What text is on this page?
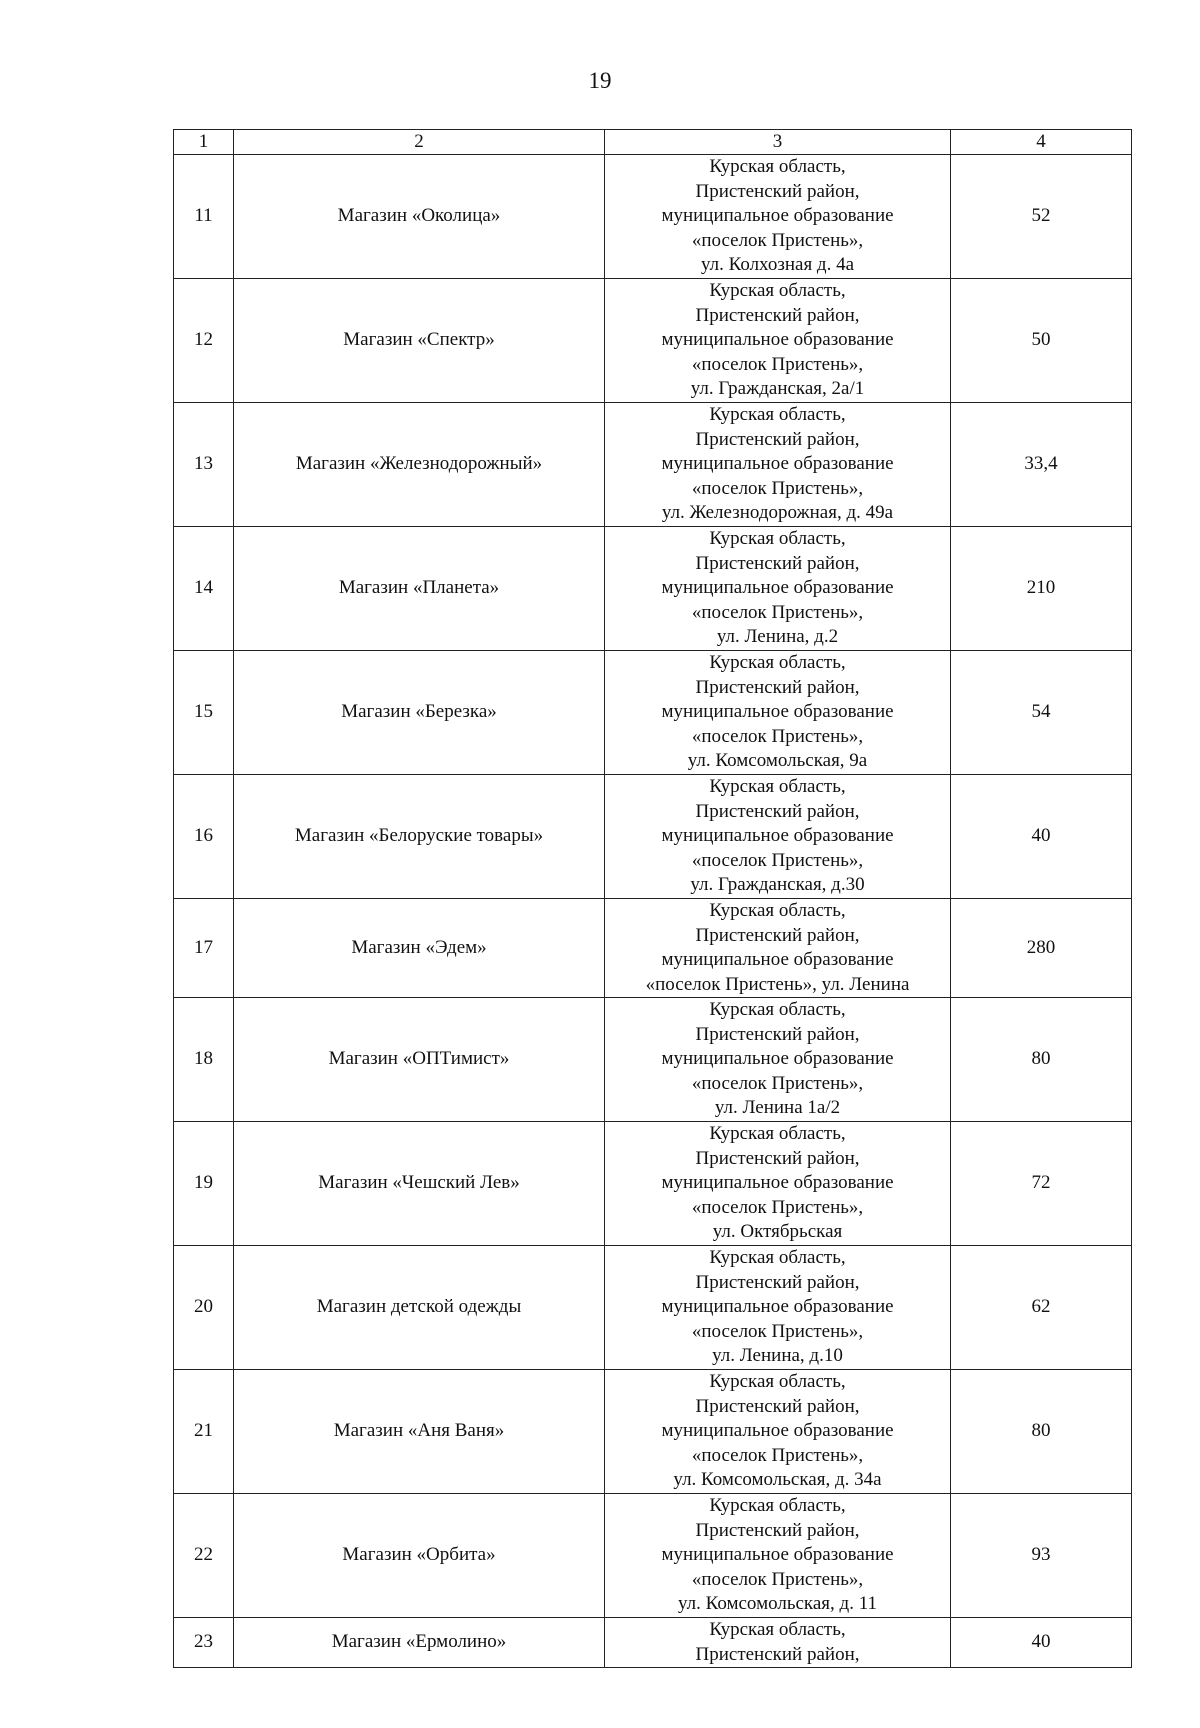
19
1	2	3	4
11	Магазин «Околица»	Курская область,
Пристенский район,
муниципальное образование
«поселок Пристень»,
ул. Колхозная д. 4а	52
12	Магазин «Спектр»	Курская область,
Пристенский район,
муниципальное образование
«поселок Пристень»,
ул. Гражданская, 2а/1	50
13	Магазин «Железнодорожный»	Курская область,
Пристенский район,
муниципальное образование
«поселок Пристень»,
ул. Железнодорожная, д. 49а	33,4
14	Магазин «Планета»	Курская область,
Пристенский район,
муниципальное образование
«поселок Пристень»,
ул. Ленина, д.2	210
15	Магазин «Березка»	Курская область,
Пристенский район,
муниципальное образование
«поселок Пристень»,
ул. Комсомольская, 9а	54
16	Магазин «Белоруские товары»	Курская область,
Пристенский район,
муниципальное образование
«поселок Пристень»,
ул. Гражданская, д.30	40
17	Магазин «Эдем»	Курская область,
Пристенский район,
муниципальное образование
«поселок Пристень», ул. Ленина	280
18	Магазин «ОПТимист»	Курская область,
Пристенский район,
муниципальное образование
«поселок Пристень»,
ул. Ленина 1а/2	80
19	Магазин «Чешский Лев»	Курская область,
Пристенский район,
муниципальное образование
«поселок Пристень»,
ул. Октябрьская	72
20	Магазин детской одежды	Курская область,
Пристенский район,
муниципальное образование
«поселок Пристень»,
ул. Ленина, д.10	62
21	Магазин «Аня Ваня»	Курская область,
Пристенский район,
муниципальное образование
«поселок Пристень»,
ул. Комсомольская, д. 34а	80
22	Магазин «Орбита»	Курская область,
Пристенский район,
муниципальное образование
«поселок Пристень»,
ул. Комсомольская, д. 11	93
23	Магазин «Ермолино»	Курская область,
Пристенский район,	40
